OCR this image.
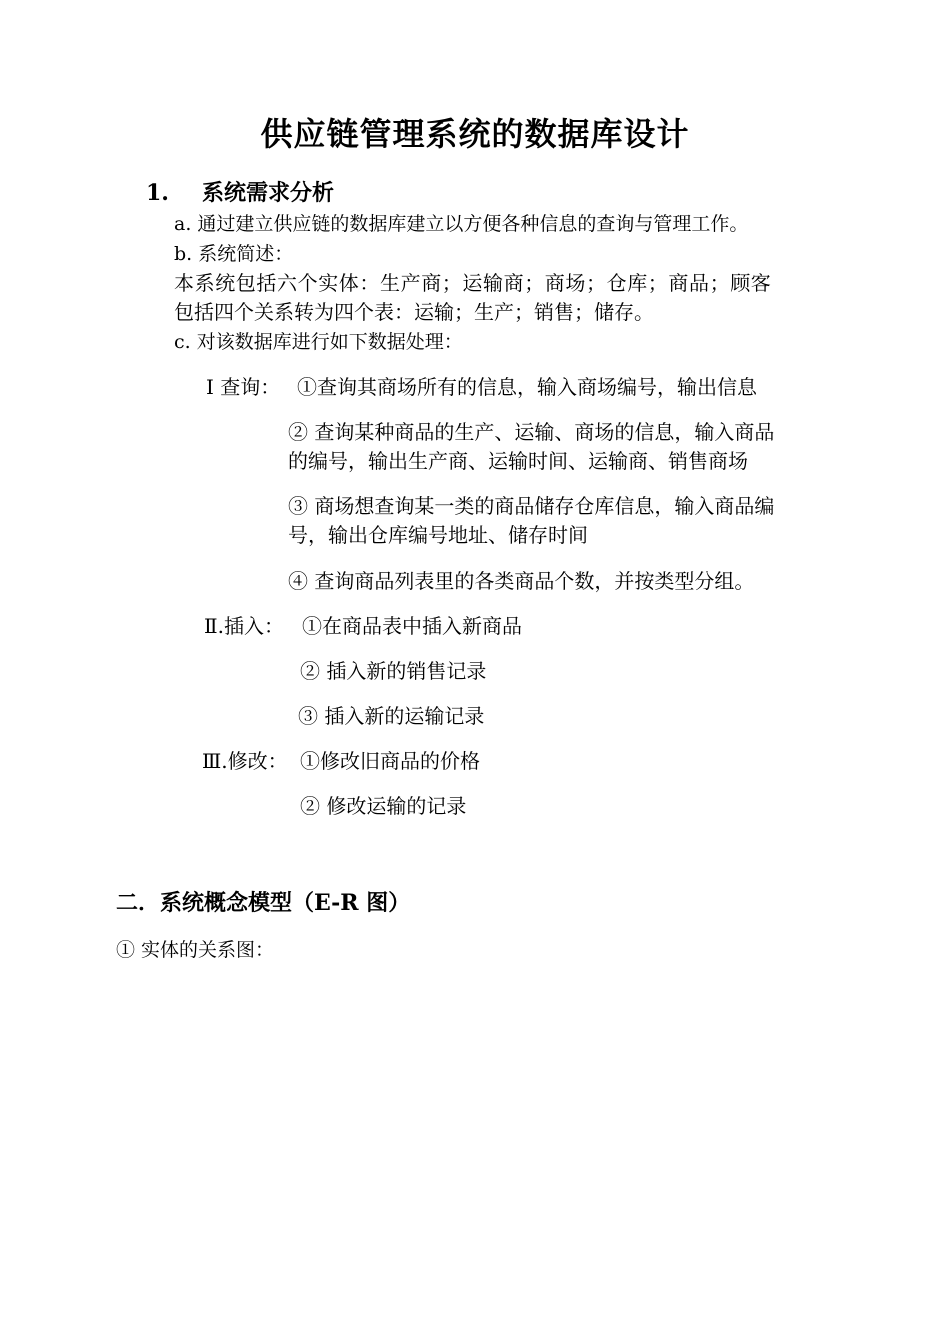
供应链管理系统的数据库设计
1. 系统需求分析
a. 通过建立供应链的数据库建立以方便各种信息的查询与管理工作。
b. 系统简述：
本系统包括六个实体：生产商；运输商；商场；仓库；商品；顾客
包括四个关系转为四个表：运输；生产；销售；储存。
c. 对该数据库进行如下数据处理：
Ⅰ 查询： ①查询其商场所有的信息，输入商场编号，输出信息
② 查询某种商品的生产、运输、商场的信息，输入商品
的编号，输出生产商、运输时间、运输商、销售商场
③ 商场想查询某一类的商品储存仓库信息，输入商品编
号，输出仓库编号地址、储存时间
④ 查询商品列表里的各类商品个数，并按类型分组。
Ⅱ.插入： ①在商品表中插入新商品
② 插入新的销售记录
③ 插入新的运输记录
Ⅲ.修改： ①修改旧商品的价格
② 修改运输的记录
二．系统概念模型（E-R 图）
① 实体的关系图：
